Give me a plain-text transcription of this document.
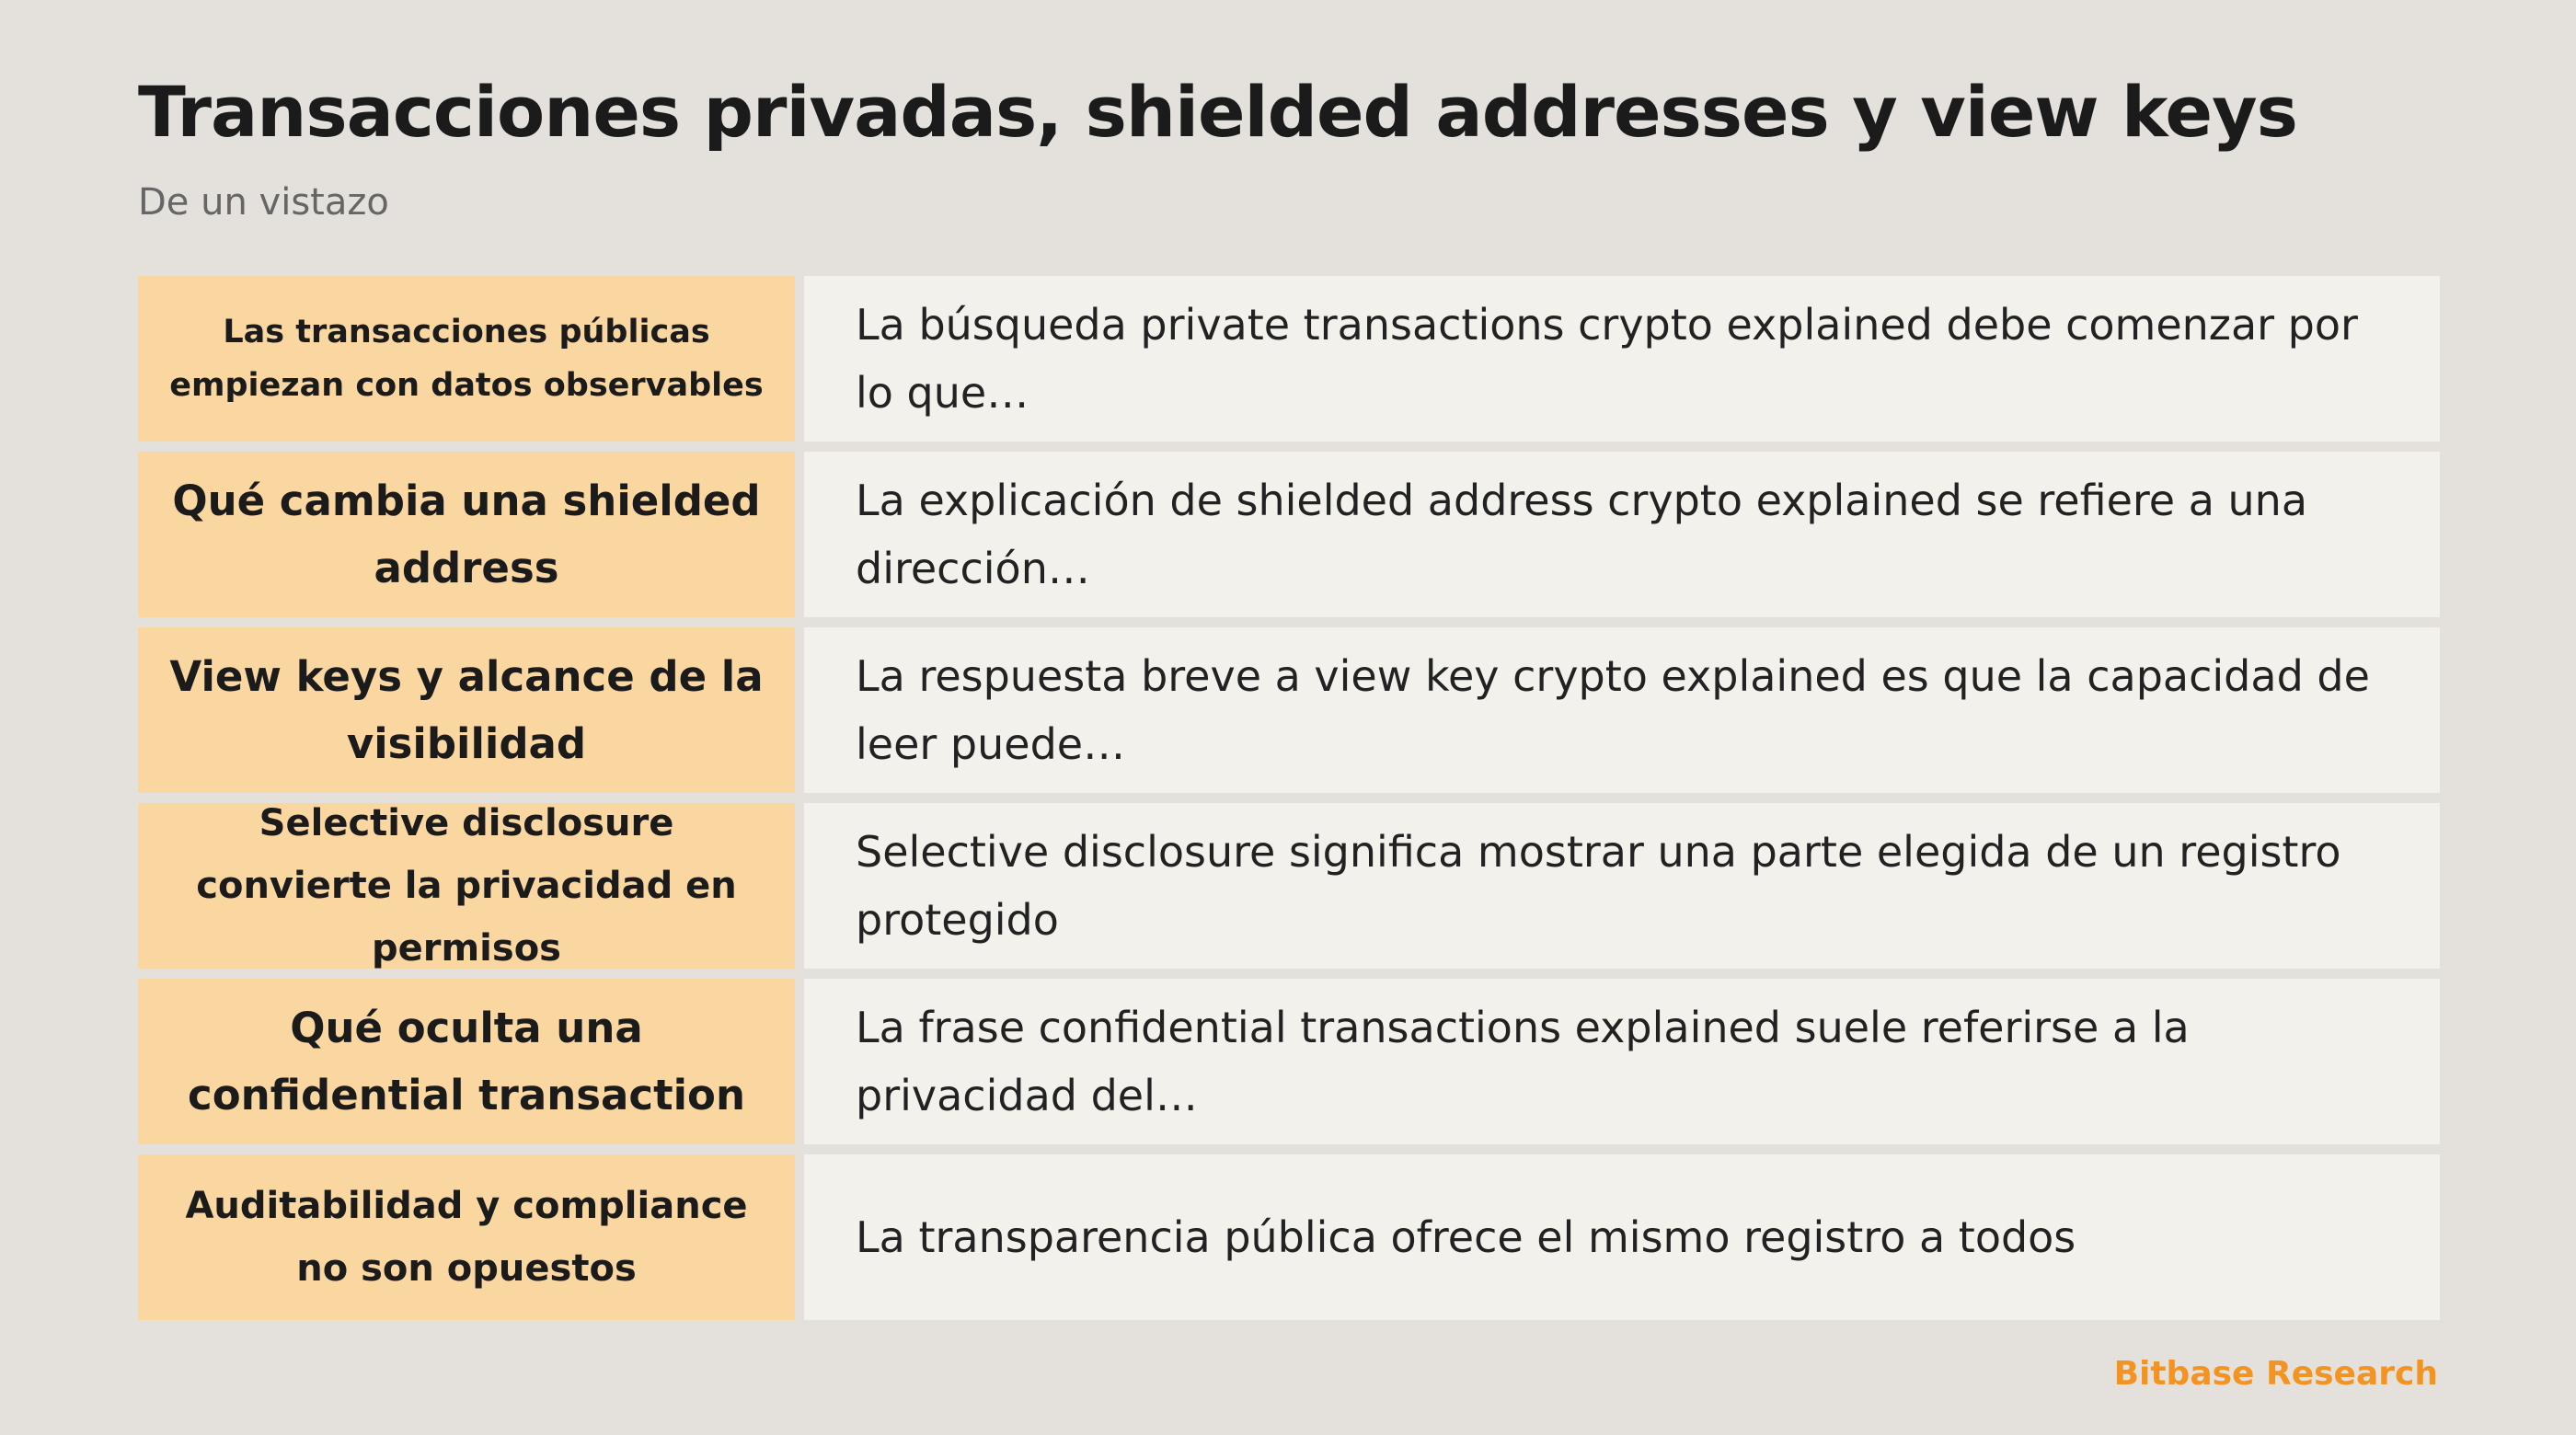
Transacciones privadas, shielded addresses y view keys

De un vistazo

Las transacciones públicas empiezan con datos observables
La búsqueda private transactions crypto explained debe comenzar por lo que…
Qué cambia una shielded address
La explicación de shielded address crypto explained se refiere a una dirección…
View keys y alcance de la visibilidad
La respuesta breve a view key crypto explained es que la capacidad de leer puede…
Selective disclosure convierte la privacidad en permisos
Selective disclosure significa mostrar una parte elegida de un registro protegido
Qué oculta una confidential transaction
La frase confidential transactions explained suele referirse a la privacidad del…
Auditabilidad y compliance no son opuestos
La transparencia pública ofrece el mismo registro a todos

Bitbase Research
